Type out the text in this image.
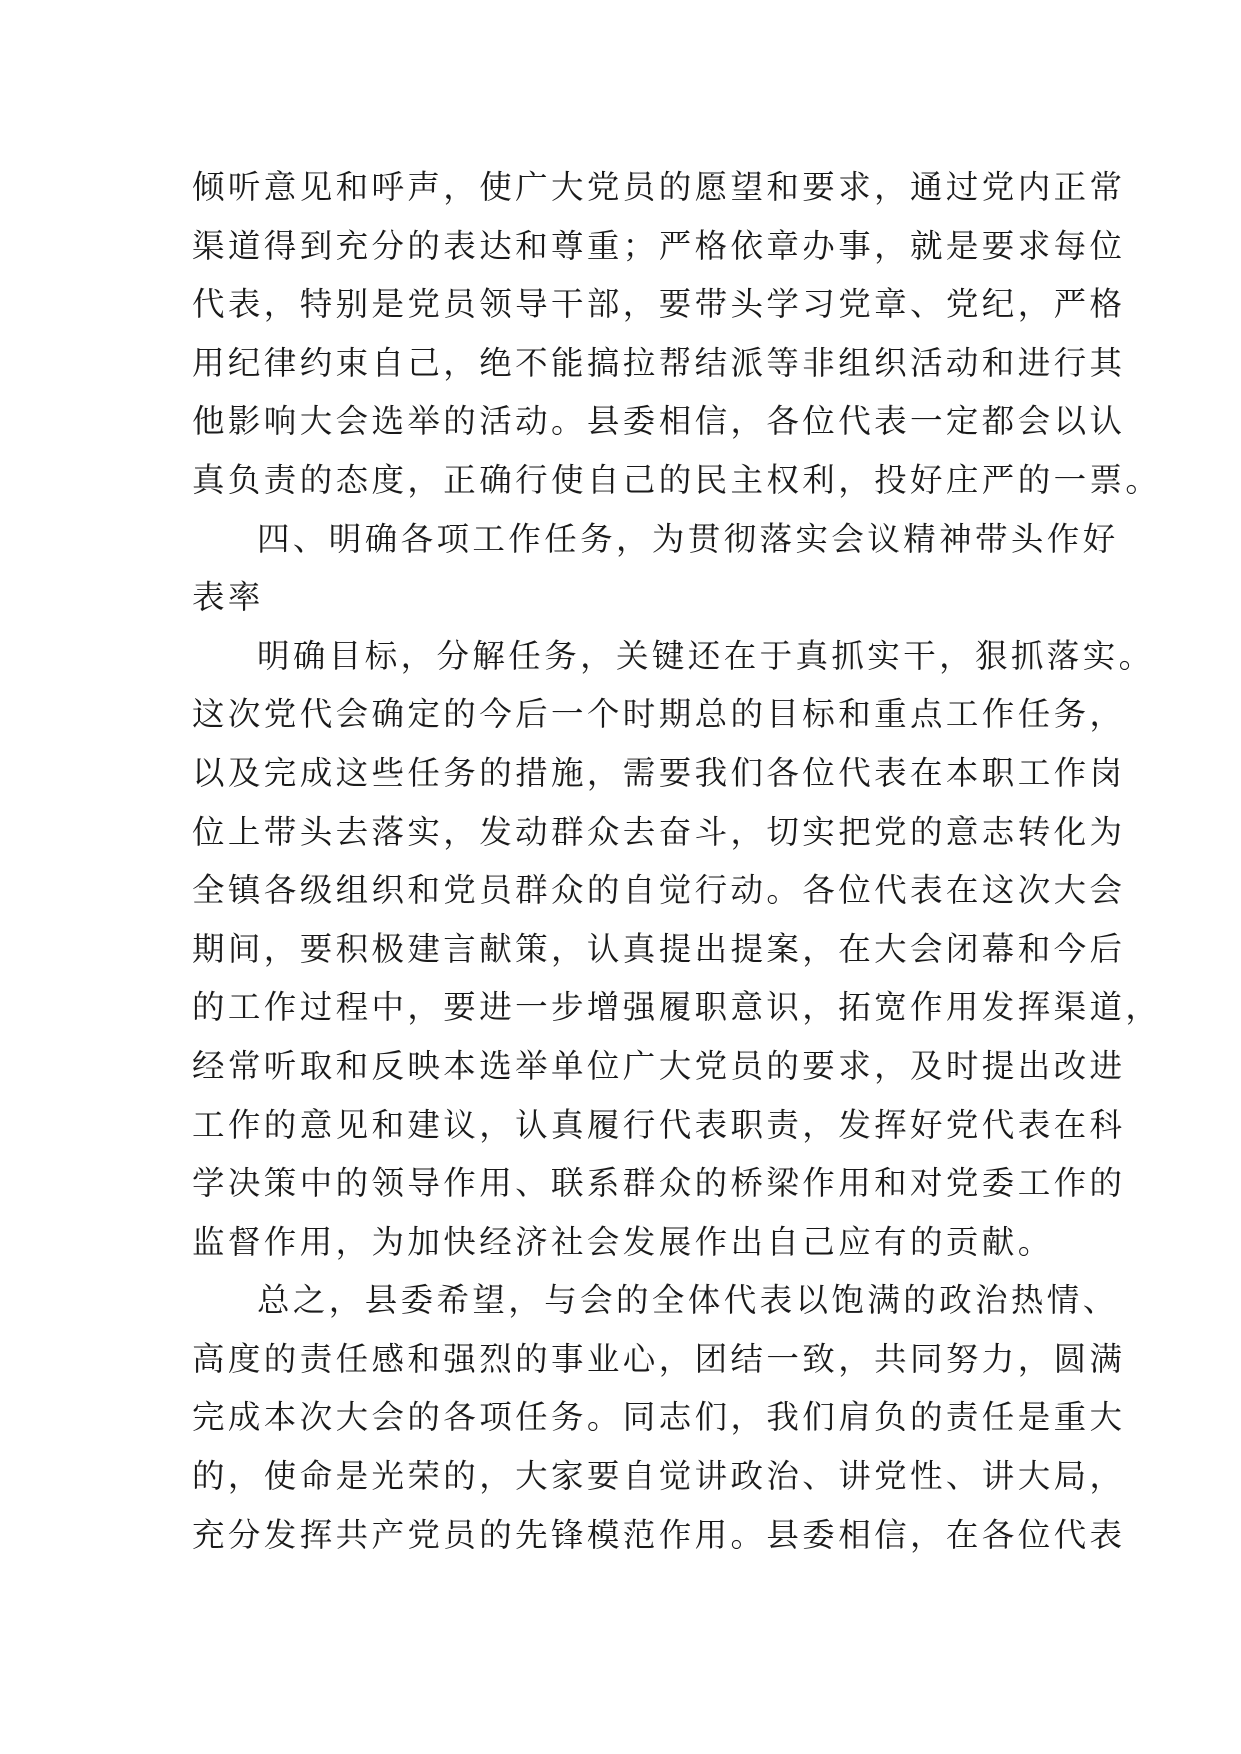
倾听意见和呼声，使广大党员的愿望和要求，通过党内正常
渠道得到充分的表达和尊重；严格依章办事，就是要求每位
代表，特别是党员领导干部，要带头学习党章、党纪，严格
用纪律约束自己，绝不能搞拉帮结派等非组织活动和进行其
他影响大会选举的活动。县委相信，各位代表一定都会以认
真负责的态度，正确行使自己的民主权利，投好庄严的一票。
四、明确各项工作任务，为贯彻落实会议精神带头作好
表率
明确目标，分解任务，关键还在于真抓实干，狠抓落实。
这次党代会确定的今后一个时期总的目标和重点工作任务，
以及完成这些任务的措施，需要我们各位代表在本职工作岗
位上带头去落实，发动群众去奋斗，切实把党的意志转化为
全镇各级组织和党员群众的自觉行动。各位代表在这次大会
期间，要积极建言献策，认真提出提案，在大会闭幕和今后
的工作过程中，要进一步增强履职意识，拓宽作用发挥渠道，
经常听取和反映本选举单位广大党员的要求，及时提出改进
工作的意见和建议，认真履行代表职责，发挥好党代表在科
学决策中的领导作用、联系群众的桥梁作用和对党委工作的
监督作用，为加快经济社会发展作出自己应有的贡献。
总之，县委希望，与会的全体代表以饱满的政治热情、
高度的责任感和强烈的事业心，团结一致，共同努力，圆满
完成本次大会的各项任务。同志们，我们肩负的责任是重大
的，使命是光荣的，大家要自觉讲政治、讲党性、讲大局，
充分发挥共产党员的先锋模范作用。县委相信，在各位代表
